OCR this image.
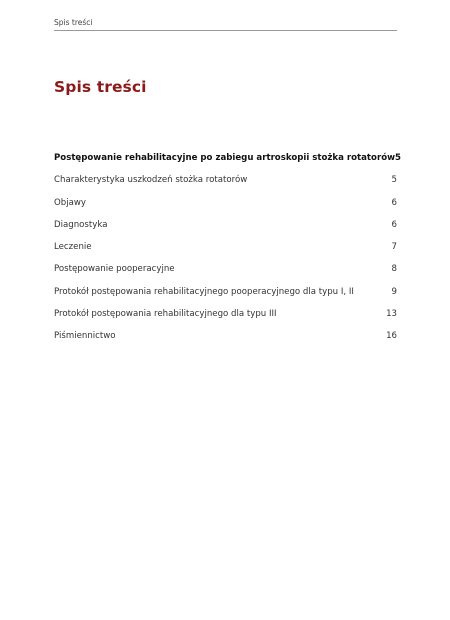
Spis treści
Spis treści
Postępowanie rehabilitacyjne po zabiegu artroskopii stożka rotatorów 5
Charakterystyka uszkodzeń stożka rotatorów	5
Objawy	6
Diagnostyka	6
Leczenie	7
Postępowanie pooperacyjne	8
Protokół postępowania rehabilitacyjnego pooperacyjnego dla typu I, II	9
Protokół postępowania rehabilitacyjnego dla typu III	13
Piśmiennictwo	16
